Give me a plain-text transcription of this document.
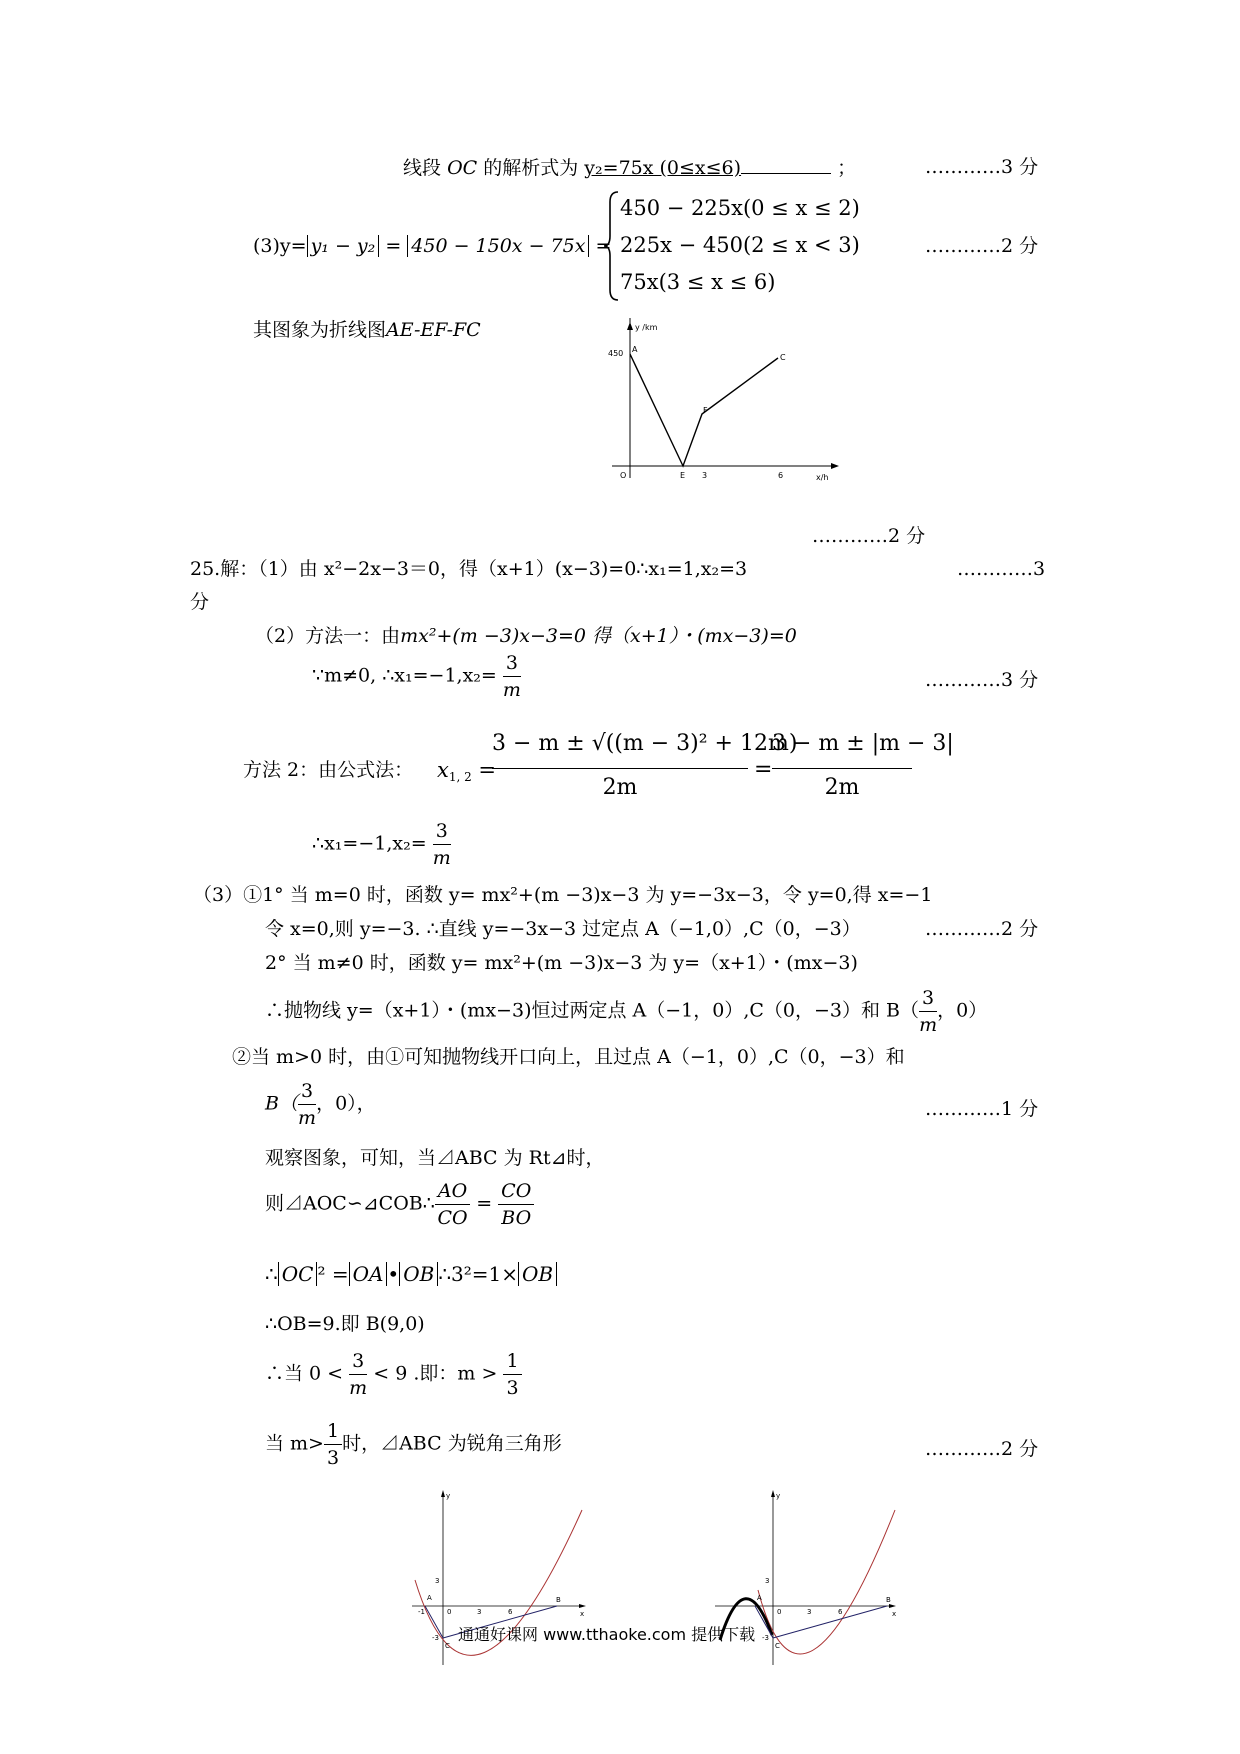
线段 OC 的解析式为 y₂=75x (0≤x≤6)	；	…………3 分
(3)y= y₁ − y₂ = 450 − 150x − 75x =
450 − 225x(0 ≤ x ≤ 2)
225x − 450(2 ≤ x < 3)
75x(3 ≤ x ≤ 6)
…………2 分
其图象为折线图AE-EF-FC	y /km
450 A
O	E
F
C
3	6	x/h
…………2 分
25.解：（1）由 x²−2x−3＝0，得（x+1）(x−3)=0∴x₁=1,x₂=3	…………3
分
（2）方法一：由mx²+(m −3)x−3=0 得（x+1）・(mx−3)=0
∵m≠0, ∴x₁=−1,x₂= $\frac{3}{m}$	…………3 分
方法 2：由公式法： $x_{1, 2}$ =
3 − m ± √((m − 3)² + 12m)
2m
=
3 − m ± |m − 3|
2m
∴x₁=−1,x₂= $\frac{3}{m}$
（3）①1° 当 m=0 时，函数 y= mx²+(m −3)x−3 为 y=−3x−3，令 y=0,得 x=−1
令 x=0,则 y=−3. ∴直线 y=−3x−3 过定点 A（−1,0）,C（0，−3）	…………2 分
2° 当 m≠0 时，函数 y= mx²+(m −3)x−3 为 y=（x+1）・(mx−3)
∴抛物线 y=（x+1）・(mx−3)恒过两定点 A（−1，0）,C（0，−3）和 $B( \frac{3}{m}$ ，0）
②当 m>0 时，由①可知抛物线开口向上，且过点 A（−1，0）,C（0，−3）和
$B( \frac{3}{m}$ ，0），	…………1 分
观察图象，可知，当⊿ABC 为 Rt⊿时，
则⊿AOC∽⊿COB∴ $\frac{AO}{CO} = \frac{CO}{BO}$
∴ OC ² = OA • OB ∴3²=1× OB
∴OB=9.即 B(9,0)
∴当 $0 < \frac{3}{m} < 9$ .即：$m > \frac{1}{3}$
当 $m> \frac{1}{3}$ 时，⊿ABC 为锐角三角形	…………2 分
y
x
3
-1	0	3	6
-3
A	B
C
y
x
3
0	3	6
-3
A	B
C
通通好课网 www.tthaoke.com 提供下载
